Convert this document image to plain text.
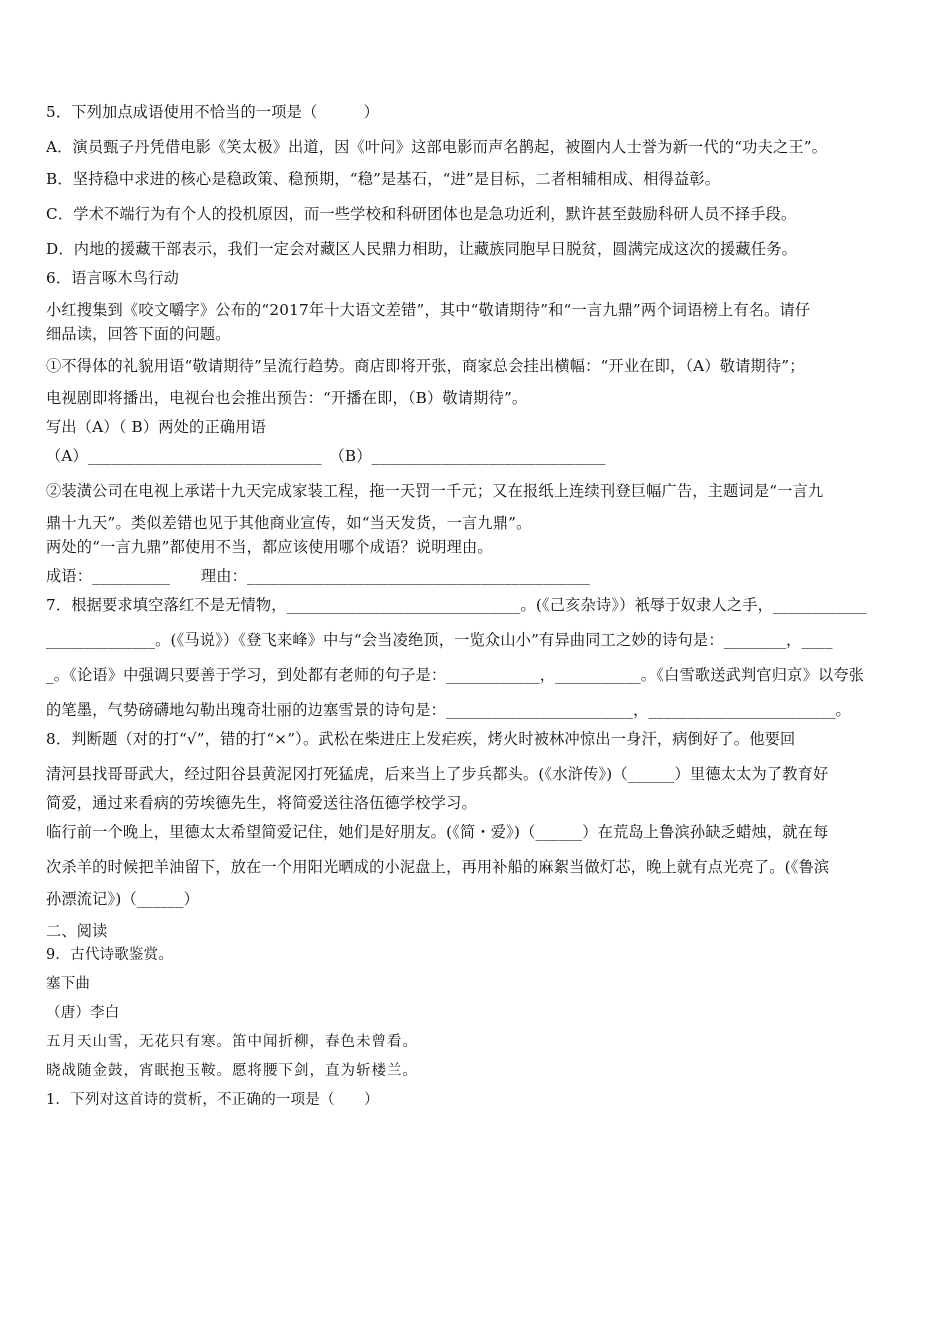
5．下列加点成语使用不恰当的一项是（　　　）

A．演员甄子丹凭借电影《笑太极》出道，因《叶问》这部电影而声名鹊起，被圈内人士誉为新一代的“功夫之王”。

B．坚持稳中求进的核心是稳政策、稳预期，“稳”是基石，“进”是目标，二者相辅相成、相得益彰。

C．学术不端行为有个人的投机原因，而一些学校和科研团体也是急功近利，默许甚至鼓励科研人员不择手段。

D．内地的援藏干部表示，我们一定会对藏区人民鼎力相助，让藏族同胞早日脱贫，圆满完成这次的援藏任务。

6．语言啄木鸟行动

小红搜集到《咬文嚼字》公布的“2017年十大语文差错”，其中“敬请期待”和“一言九鼎”两个词语榜上有名。请仔

细品读，回答下面的问题。

①不得体的礼貌用语“敬请期待”呈流行趋势。商店即将开张，商家总会挂出横幅：“开业在即，（A）敬请期待”；

电视剧即将播出，电视台也会推出预告：“开播在即，（B）敬请期待”。

写出（A）（ B）两处的正确用语

（A）______________________________　（B）______________________________

②装潢公司在电视上承诺十九天完成家装工程，拖一天罚一千元；又在报纸上连续刊登巨幅广告，主题词是“一言九

鼎十九天”。类似差错也见于其他商业宣传，如“当天发货，一言九鼎”。

两处的“一言九鼎”都使用不当，都应该使用哪个成语？说明理由。

成语：__________　　理由：____________________________________________

7．根据要求填空落红不是无情物，______________________________。(《己亥杂诗》）衹辱于奴隶人之手，____________

______________。(《马说》）《登飞来峰》中与“会当凌绝顶，一览众山小”有异曲同工之妙的诗句是：________，____

_。《论语》中强调只要善于学习，到处都有老师的句子是：____________，___________。《白雪歌送武判官归京》以夸张

的笔墨，气势磅礴地勾勒出瑰奇壮丽的边塞雪景的诗句是：________________________，________________________。

8．判断题（对的打“√”，错的打“×”）。武松在柴进庄上发疟疾，烤火时被林冲惊出一身汗，病倒好了。他要回

清河县找哥哥武大，经过阳谷县黄泥冈打死猛虎，后来当上了步兵都头。(《水浒传》)（______）里德太太为了教育好

简爱，通过来看病的劳埃德先生，将简爱送往洛伍德学校学习。

临行前一个晚上，里德太太希望简爱记住，她们是好朋友。(《简・爱》)（______）在荒岛上鲁滨孙缺乏蜡烛，就在每

次杀羊的时候把羊油留下，放在一个用阳光晒成的小泥盘上，再用补船的麻絮当做灯芯，晚上就有点光亮了。(《鲁滨

孙漂流记》)（______）

二、阅读

9．古代诗歌鉴赏。

塞下曲

（唐）李白

五月天山雪，无花只有寒。笛中闻折柳，春色未曾看。

晓战随金鼓，宵眠抱玉鞍。愿将腰下剑，直为斩楼兰。

1．下列对这首诗的赏析，不正确的一项是（　　）
